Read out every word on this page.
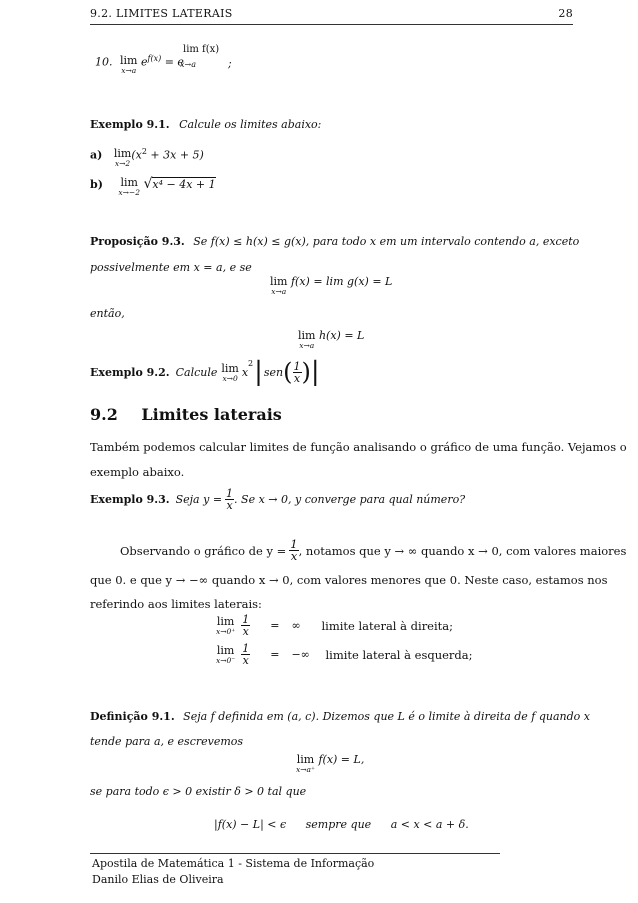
9.2. LIMITES LATERAIS	28
10. lim
x→a
$e^{f(x)} = e$
lim f(x)
x→a	;
Exemplo 9.1. Calcule os limites abaixo:
a) lim
x→2
$(x^2 + 3x + 5)$
b) lim
x→−2
√x⁴ − 4x + 1
Proposição 9.3. Se f(x) ≤ h(x) ≤ g(x), para todo x em um intervalo contendo a, exceto
possivelmente em x = a, e se
lim
x→a
f(x) = lim g(x) = L
então,
lim
x→a
h(x) = L
Exemplo 9.2. Calcule lim
x→0 x
$^2$ | sen ( $\frac{1}{x}$ ) |
9.2 Limites laterais
Também podemos calcular limites de função analisando o gráfico de uma função. Vejamos o
exemplo abaixo.
Exemplo 9.3. Seja $y = \frac{1}{x}$ . Se x → 0, y converge para qual número?
Observando o gráfico de $y = \frac{1}{x}$ , notamos que y → ∞ quando x → 0, com valores maiores
que 0. e que y → −∞ quando x → 0, com valores menores que 0. Neste caso, estamos nos
referindo aos limites laterais:
lim
$x\to 0^+ \frac{1}{x}$ = ∞	limite lateral à direita;
lim
$x\to 0^- \frac{1}{x}$ = −∞	limite lateral à esquerda;
Definição 9.1. Seja f definida em (a, c). Dizemos que L é o limite à direita de f quando x
tende para a, e escrevemos
lim
x→a⁺
f(x) = L,
se para todo ϵ > 0 existir δ > 0 tal que
|f(x) − L| < ϵ sempre que a < x < a + δ.
Apostila de Matemática 1 - Sistema de Informação
Danilo Elias de Oliveira
